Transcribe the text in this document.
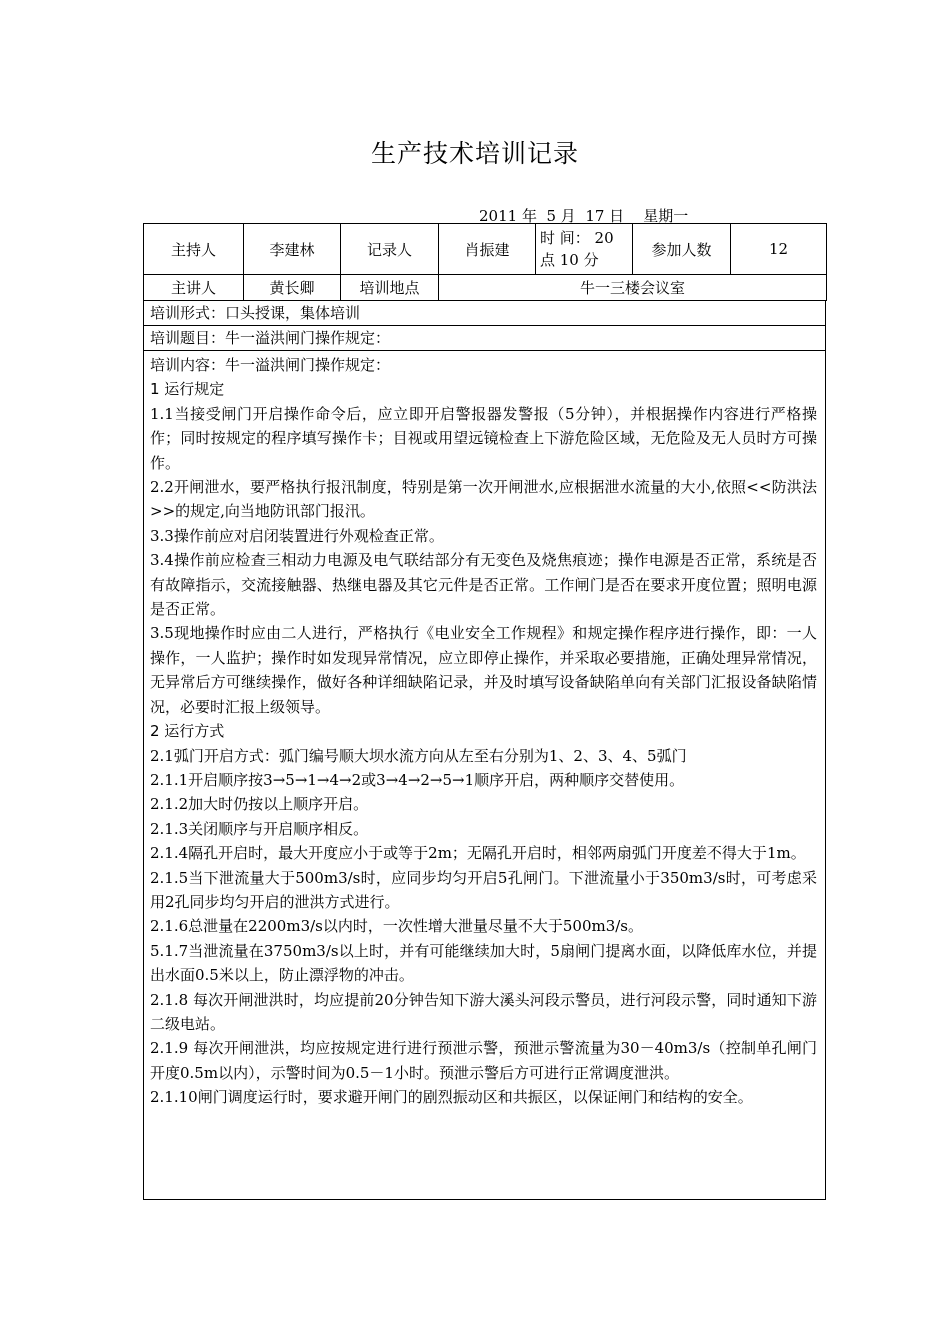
生产技术培训记录
2011 年  5 月  17 日    星期一
主持人	李建林	记录人	肖振建	时 间： 20 点 10 分	参加人数	12
主讲人	黄长卿	培训地点	牛一三楼会议室			
培训形式：口头授课，集体培训
培训题目：牛一溢洪闸门操作规定：

培训内容：牛一溢洪闸门操作规定：

1 运行规定

1.1当接受闸门开启操作命令后，应立即开启警报器发警报（5分钟），并根据操作内容进行严格操作；同时按规定的程序填写操作卡；目视或用望远镜检查上下游危险区域，无危险及无人员时方可操作。

2.2开闸泄水，要严格执行报汛制度，特别是第一次开闸泄水,应根据泄水流量的大小,依照<<防洪法>>的规定,向当地防讯部门报汛。

3.3操作前应对启闭装置进行外观检查正常。

3.4操作前应检查三相动力电源及电气联结部分有无变色及烧焦痕迹；操作电源是否正常，系统是否有故障指示，交流接触器、热继电器及其它元件是否正常。工作闸门是否在要求开度位置；照明电源是否正常。

3.5现地操作时应由二人进行，严格执行《电业安全工作规程》和规定操作程序进行操作，即：一人操作，一人监护；操作时如发现异常情况，应立即停止操作，并采取必要措施，正确处理异常情况，无异常后方可继续操作，做好各种详细缺陷记录，并及时填写设备缺陷单向有关部门汇报设备缺陷情况，必要时汇报上级领导。

2 运行方式

2.1弧门开启方式：弧门编号顺大坝水流方向从左至右分别为1、2、3、4、5弧门

2.1.1开启顺序按3→5→1→4→2或3→4→2→5→1顺序开启，两种顺序交替使用。

2.1.2加大时仍按以上顺序开启。

2.1.3关闭顺序与开启顺序相反。

2.1.4隔孔开启时，最大开度应小于或等于2m；无隔孔开启时，相邻两扇弧门开度差不得大于1m。

2.1.5当下泄流量大于500m3/s时，应同步均匀开启5孔闸门。下泄流量小于350m3/s时，可考虑采用2孔同步均匀开启的泄洪方式进行。

2.1.6总泄量在2200m3/s以内时，一次性增大泄量尽量不大于500m3/s。

5.1.7当泄流量在3750m3/s以上时，并有可能继续加大时，5扇闸门提离水面，以降低库水位，并提出水面0.5米以上，防止漂浮物的冲击。

2.1.8 每次开闸泄洪时，均应提前20分钟告知下游大溪头河段示警员，进行河段示警，同时通知下游二级电站。

2.1.9 每次开闸泄洪，均应按规定进行进行预泄示警，预泄示警流量为30－40m3/s（控制单孔闸门开度0.5m以内），示警时间为0.5－1小时。预泄示警后方可进行正常调度泄洪。

2.1.10闸门调度运行时，要求避开闸门的剧烈振动区和共振区，以保证闸门和结构的安全。
